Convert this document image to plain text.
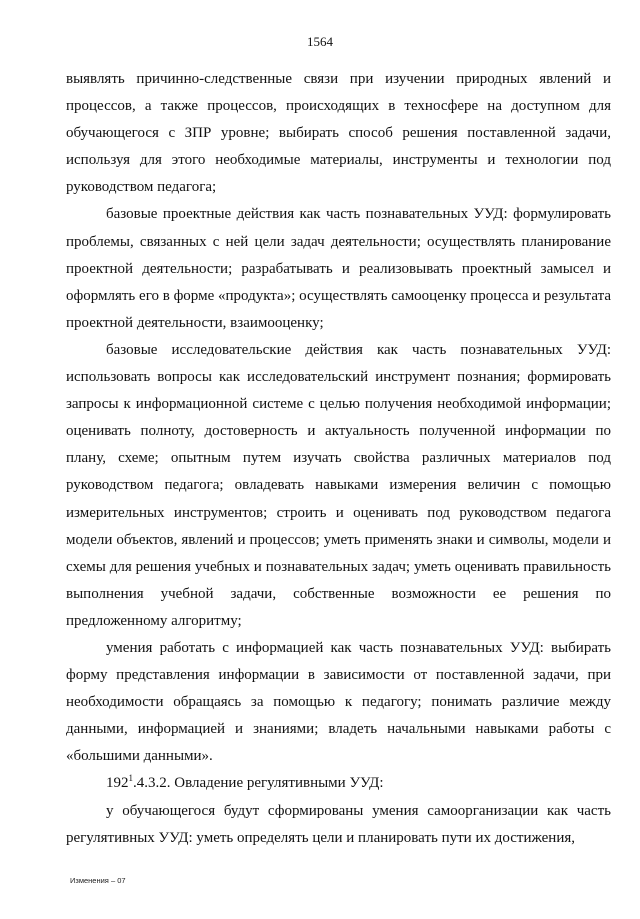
1564

выявлять причинно-следственные связи при изучении природных явлений и процессов, а также процессов, происходящих в техносфере на доступном для обучающегося с ЗПР уровне; выбирать способ решения поставленной задачи, используя для этого необходимые материалы, инструменты и технологии под руководством педагога;

базовые проектные действия как часть познавательных УУД: формулировать проблемы, связанных с ней цели задач деятельности; осуществлять планирование проектной деятельности; разрабатывать и реализовывать проектный замысел и оформлять его в форме «продукта»; осуществлять самооценку процесса и результата проектной деятельности, взаимооценку;

базовые исследовательские действия как часть познавательных УУД: использовать вопросы как исследовательский инструмент познания; формировать запросы к информационной системе с целью получения необходимой информации; оценивать полноту, достоверность и актуальность полученной информации по плану, схеме; опытным путем изучать свойства различных материалов под руководством педагога; овладевать навыками измерения величин с помощью измерительных инструментов; строить и оценивать под руководством педагога модели объектов, явлений и процессов; уметь применять знаки и символы, модели и схемы для решения учебных и познавательных задач; уметь оценивать правильность выполнения учебной задачи, собственные возможности ее решения по предложенному алгоритму;

умения работать с информацией как часть познавательных УУД: выбирать форму представления информации в зависимости от поставленной задачи, при необходимости обращаясь за помощью к педагогу; понимать различие между данными, информацией и знаниями; владеть начальными навыками работы с «большими данными».

$192^1.4.3.2$. Овладение регулятивными УУД:

у обучающегося будут сформированы умения самоорганизации как часть регулятивных УУД: уметь определять цели и планировать пути их достижения,

Изменения – 07
